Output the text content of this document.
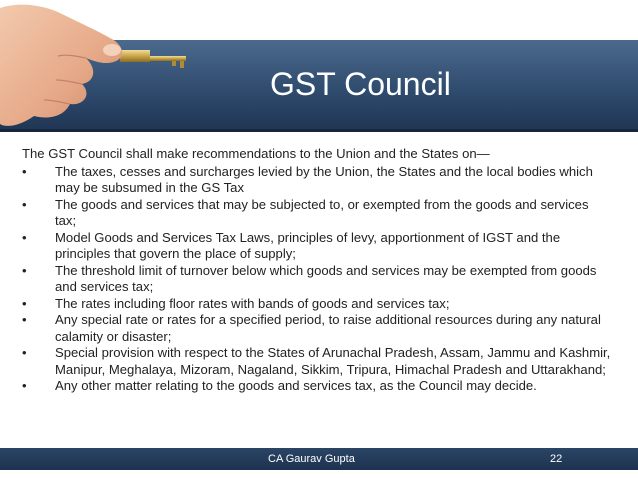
GST Council

The GST Council shall make recommendations to the Union and the States on—

• The taxes, cesses and surcharges levied by the Union, the States and the local bodies which may be subsumed in the GS Tax
• The goods and services that may be subjected to, or exempted from the goods and services tax;
• Model Goods and Services Tax Laws, principles of levy, apportionment of IGST and the principles that govern the place of supply;
• The threshold limit of turnover below which goods and services may be exempted from goods and services tax;
• The rates including floor rates with bands of goods and services tax;
• Any special rate or rates for a specified period, to raise additional resources during any natural calamity or disaster;
• Special provision with respect to the States of Arunachal Pradesh, Assam, Jammu and Kashmir, Manipur, Meghalaya, Mizoram, Nagaland, Sikkim, Tripura, Himachal Pradesh and Uttarakhand;
• Any other matter relating to the goods and services tax, as the Council may decide.
CA Gaurav Gupta	22
